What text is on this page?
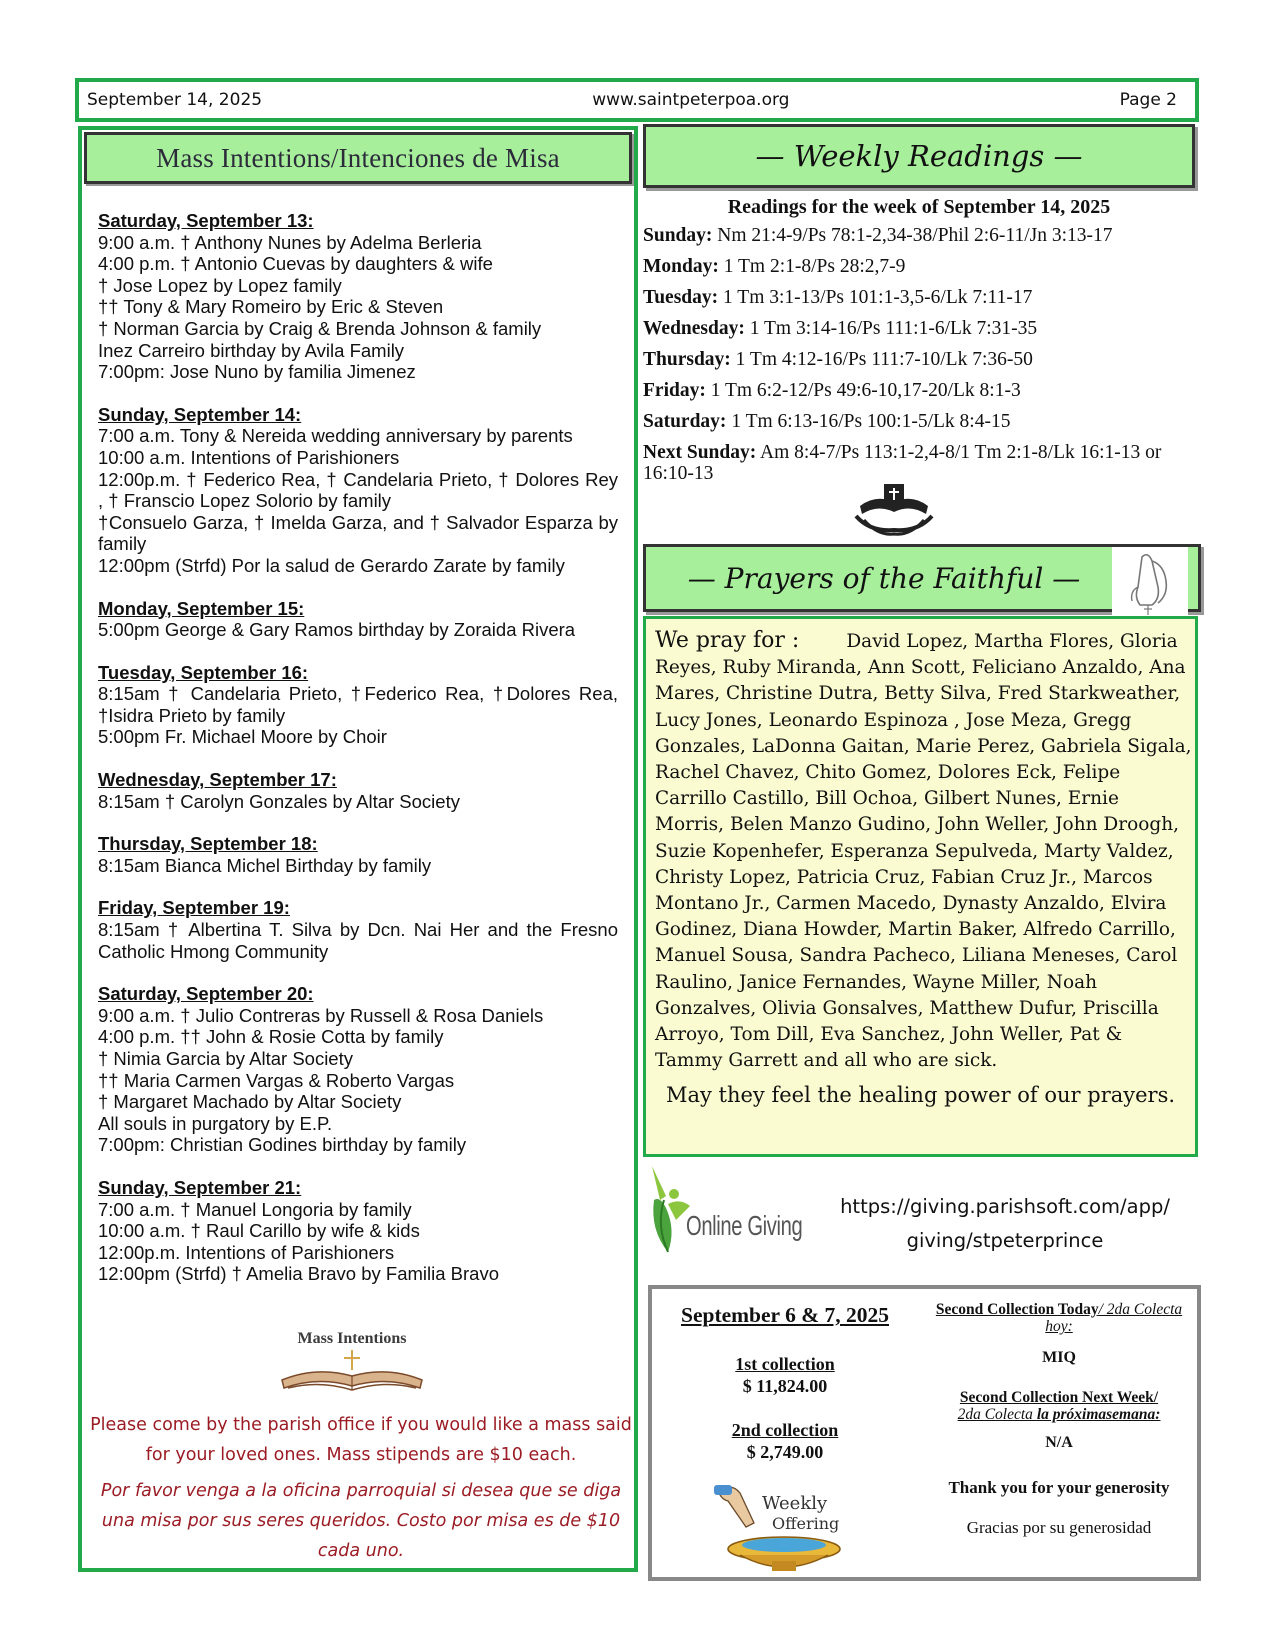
September 14, 2025	www.saintpeterpoa.org	Page 2
Mass Intentions/Intenciones de Misa
Saturday, September 13:
9:00 a.m. † Anthony Nunes by Adelma Berleria
4:00 p.m. † Antonio Cuevas by daughters & wife
† Jose Lopez by Lopez family
†† Tony & Mary Romeiro by Eric & Steven
† Norman Garcia by Craig & Brenda Johnson & family
Inez Carreiro birthday by Avila Family
7:00pm: Jose Nuno by familia Jimenez
Sunday, September 14:
7:00 a.m. Tony & Nereida wedding anniversary by parents
10:00 a.m. Intentions of Parishioners
12:00p.m. † Federico Rea, † Candelaria Prieto, † Dolores Rey , † Franscio Lopez Solorio by family
†Consuelo Garza, † Imelda Garza, and † Salvador Esparza by family
12:00pm (Strfd) Por la salud de Gerardo Zarate by family
Monday, September 15:
5:00pm George & Gary Ramos birthday by Zoraida Rivera
Tuesday, September 16:
8:15am † Candelaria Prieto, †Federico Rea, †Dolores Rea, †Isidra Prieto by family
5:00pm Fr. Michael Moore by Choir
Wednesday, September 17:
8:15am † Carolyn Gonzales by Altar Society
Thursday, September 18:
8:15am Bianca Michel Birthday by family
Friday, September 19:
8:15am † Albertina T. Silva by Dcn. Nai Her and the Fresno Catholic Hmong Community
Saturday, September 20:
9:00 a.m. † Julio Contreras by Russell & Rosa Daniels
4:00 p.m. †† John & Rosie Cotta by family
† Nimia Garcia by Altar Society
†† Maria Carmen Vargas & Roberto Vargas
† Margaret Machado by Altar Society
All souls in purgatory by E.P.
7:00pm: Christian Godines birthday by family
Sunday, September 21:
7:00 a.m. † Manuel Longoria by family
10:00 a.m. † Raul Carillo by wife & kids
12:00p.m. Intentions of Parishioners
12:00pm (Strfd) † Amelia Bravo by Familia Bravo
Mass Intentions
Please come by the parish office if you would like a mass said for your loved ones. Mass stipends are $10 each.
Por favor venga a la oficina parroquial si desea que se diga una misa por sus seres queridos. Costo por misa es de $10 cada uno.
— Weekly Readings —
Readings for the week of September 14, 2025
Sunday: Nm 21:4-9/Ps 78:1-2,34-38/Phil 2:6-11/Jn 3:13-17
Monday: 1 Tm 2:1-8/Ps 28:2,7-9
Tuesday: 1 Tm 3:1-13/Ps 101:1-3,5-6/Lk 7:11-17
Wednesday: 1 Tm 3:14-16/Ps 111:1-6/Lk 7:31-35
Thursday: 1 Tm 4:12-16/Ps 111:7-10/Lk 7:36-50
Friday: 1 Tm 6:2-12/Ps 49:6-10,17-20/Lk 8:1-3
Saturday: 1 Tm 6:13-16/Ps 100:1-5/Lk 8:4-15
Next Sunday: Am 8:4-7/Ps 113:1-2,4-8/1 Tm 2:1-8/Lk 16:1-13 or 16:10-13
— Prayers of the Faithful —
We pray for :	David Lopez, Martha Flores, Gloria Reyes, Ruby Miranda, Ann Scott, Feliciano Anzaldo, Ana Mares, Christine Dutra, Betty Silva, Fred Starkweather, Lucy Jones, Leonardo Espinoza , Jose Meza, Gregg Gonzales, LaDonna Gaitan, Marie Perez, Gabriela Sigala, Rachel Chavez, Chito Gomez, Dolores Eck, Felipe Carrillo Castillo, Bill Ochoa, Gilbert Nunes, Ernie Morris, Belen Manzo Gudino, John Weller, John Droogh, Suzie Kopenhefer, Esperanza Sepulveda, Marty Valdez, Christy Lopez, Patricia Cruz, Fabian Cruz Jr., Marcos Montano Jr., Carmen Macedo, Dynasty Anzaldo, Elvira Godinez, Diana Howder, Martin Baker, Alfredo Carrillo, Manuel Sousa, Sandra Pacheco, Liliana Meneses, Carol Raulino, Janice Fernandes, Wayne Miller, Noah Gonzalves, Olivia Gonsalves, Matthew Dufur, Priscilla Arroyo, Tom Dill, Eva Sanchez, John Weller, Pat & Tammy Garrett and all who are sick.
May they feel the healing power of our prayers.
Online Giving
https://giving.parishsoft.com/app/
giving/stpeterprince
September 6 & 7, 2025
1st collection
$ 11,824.00
2nd collection
$ 2,749.00
Weekly
Offering
Second Collection Today/ 2da Colecta hoy:
MIQ
Second Collection Next Week/
2da Colecta la próximasemana:
N/A
Thank you for your generosity
Gracias por su generosidad
